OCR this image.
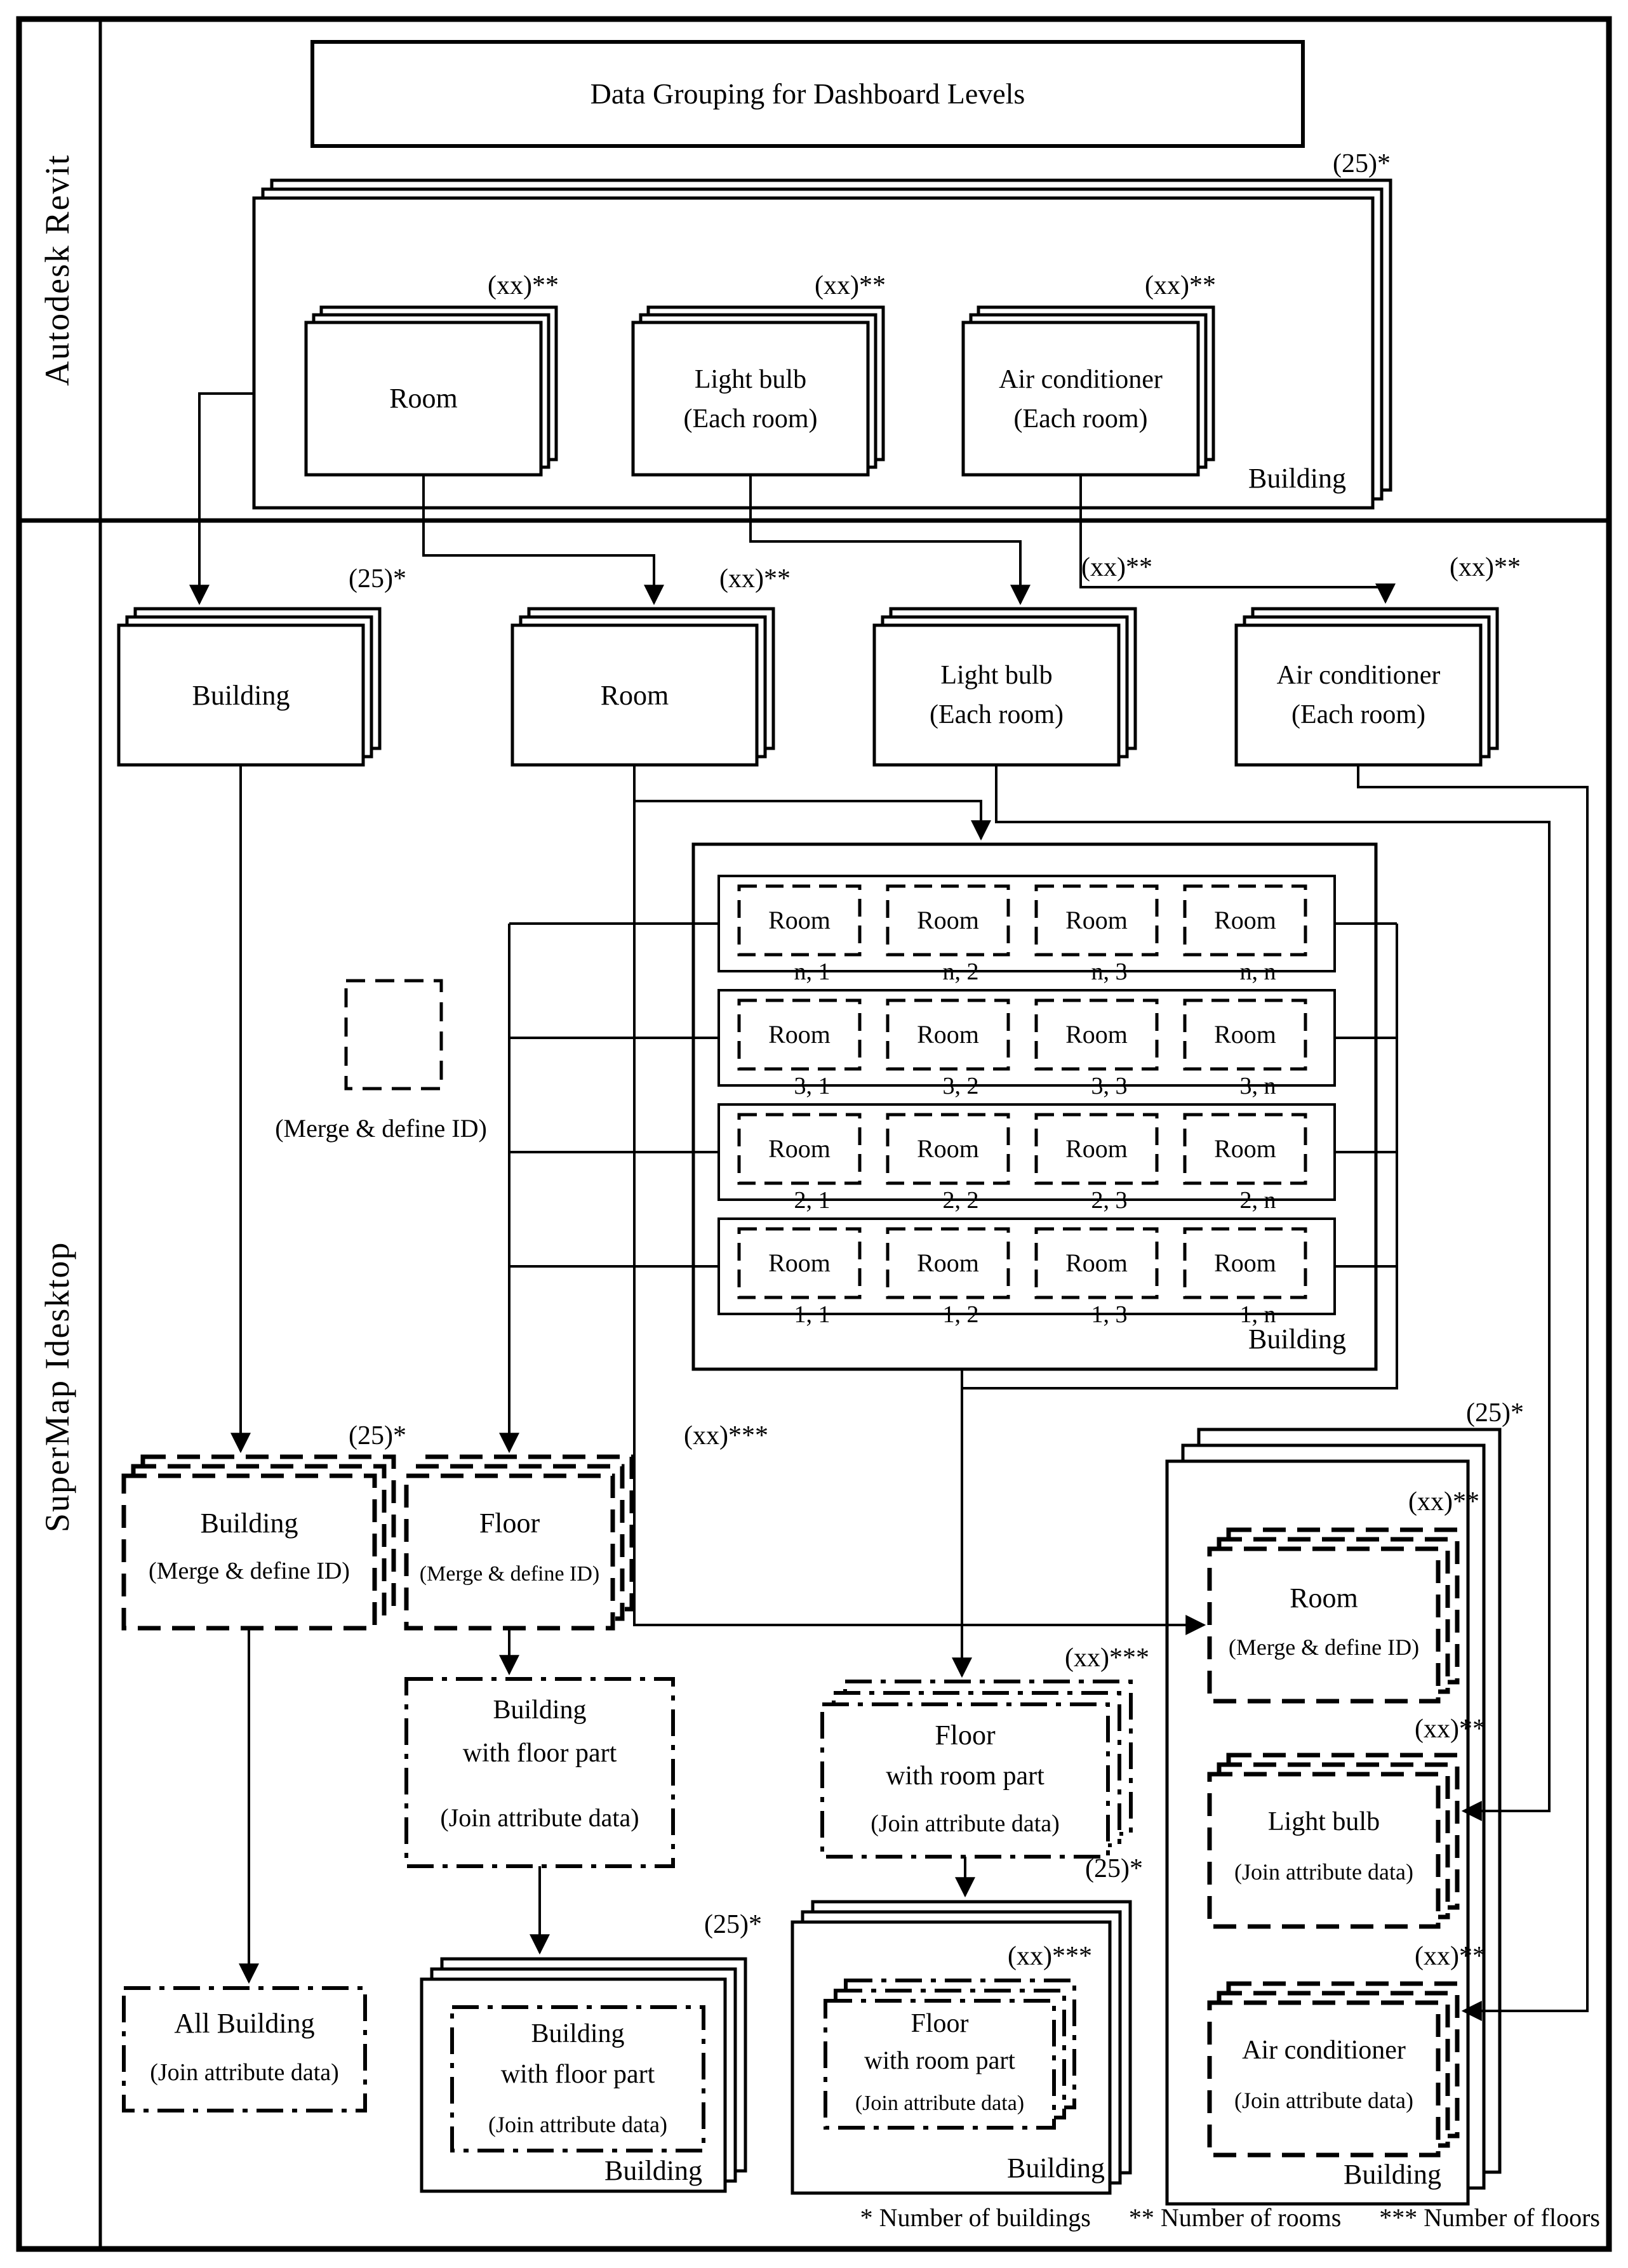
Autodesk Revit
SuperMap Idesktop
Data Grouping for Dashboard Levels
(25)*
(xx)**	(xx)**	(xx)**
Room
Light bulb
(Each room)
Air conditioner
(Each room)
Building
(25)*	(xx)**	(xx)**	(xx)**
Building	Room
Light bulb
(Each room)
Air conditioner
(Each room)
(Merge & define ID)
Room	Room	Room	Room
Room	Room	Room	Room
Room	Room	Room	Room
Room	Room	Room	Room
n, 1	n, 2	n, 3	n, n
3, 1	3, 2	3, 3	3, n
2, 1	2, 2	2, 3	2, n
1, 1	1, 2	1, 3	1, n
Building
(25)*	(xx)***
Building
(Merge & define ID)
Floor
(Merge & define ID)
Building
with floor part
(Join attribute data)
(xx)***
Floor
with room part
(Join attribute data)
All Building
(Join attribute data)
(25)*
Building
with floor part
(Join attribute data)
Building
(25)*
(xx)***
Floor
with room part
(Join attribute data)
Building
(25)*
(xx)**
Room
(Merge & define ID)
(xx)**
Light bulb
(Join attribute data)
(xx)**
Air conditioner
(Join attribute data)
Building
* Number of buildings ** Number of rooms *** Number of floors
